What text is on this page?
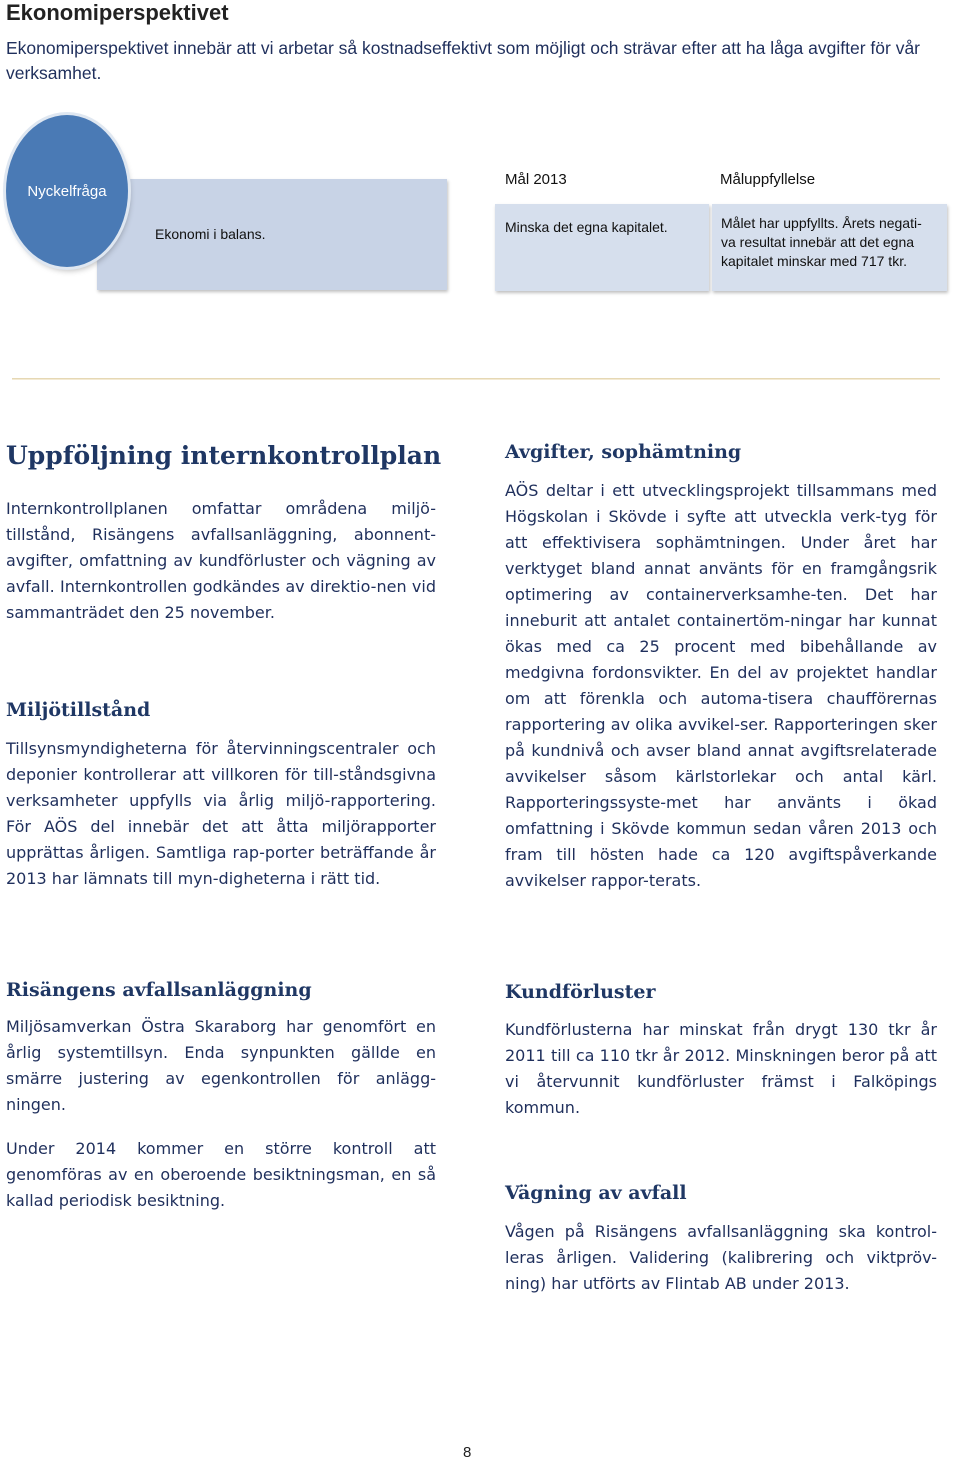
Ekonomiperspektivet

Ekonomiperspektivet innebär att vi arbetar så kostnadseffektivt som möjligt och strävar efter att ha låga avgifter för vår verksamhet.

Nyckelfråga
Ekonomi i balans.
Mål 2013	Måluppfyllelse
Minska det egna kapitalet.	Målet har uppfyllts. Årets negati-
va resultat innebär att det egna
kapitalet minskar med 717 tkr.
Uppföljning internkontrollplan

Internkontrollplanen omfattar områdena miljö-tillstånd, Risängens avfallsanläggning, abonnent-avgifter, omfattning av kundförluster och vägning av avfall. Internkontrollen godkändes av direktio-nen vid sammanträdet den 25 november.

Miljötillstånd

Tillsynsmyndigheterna för återvinningscentraler och deponier kontrollerar att villkoren för till-ståndsgivna verksamheter uppfylls via årlig miljö-rapportering. För AÖS del innebär det att åtta miljörapporter upprättas årligen. Samtliga rap-porter beträffande år 2013 har lämnats till myn-digheterna i rätt tid.

Risängens avfallsanläggning

Miljösamverkan Östra Skaraborg har genomfört en årlig systemtillsyn. Enda synpunkten gällde en smärre justering av egenkontrollen för anlägg-ningen.

Under 2014 kommer en större kontroll att genomföras av en oberoende besiktningsman, en så kallad periodisk besiktning.

Avgifter, sophämtning

AÖS deltar i ett utvecklingsprojekt tillsammans med Högskolan i Skövde i syfte att utveckla verk-tyg för att effektivisera sophämtningen. Under året har verktyget bland annat använts för en framgångsrik optimering av containerverksamhe-ten. Det har inneburit att antalet containertöm-ningar har kunnat ökas med ca 25 procent med bibehållande av medgivna fordonsvikter. En del av projektet handlar om att förenkla och automa-tisera chaufförernas rapportering av olika avvikel-ser. Rapporteringen sker på kundnivå och avser bland annat avgiftsrelaterade avvikelser såsom kärlstorlekar och antal kärl. Rapporteringssyste-met har använts i ökad omfattning i Skövde kommun sedan våren 2013 och fram till hösten hade ca 120 avgiftspåverkande avvikelser rappor-terats.

Kundförluster

Kundförlusterna har minskat från drygt 130 tkr år 2011 till ca 110 tkr år 2012. Minskningen beror på att vi återvunnit kundförluster främst i Falköpings kommun.

Vägning av avfall

Vågen på Risängens avfallsanläggning ska kontrol-leras årligen. Validering (kalibrering och viktpröv-ning) har utförts av Flintab AB under 2013.

8
